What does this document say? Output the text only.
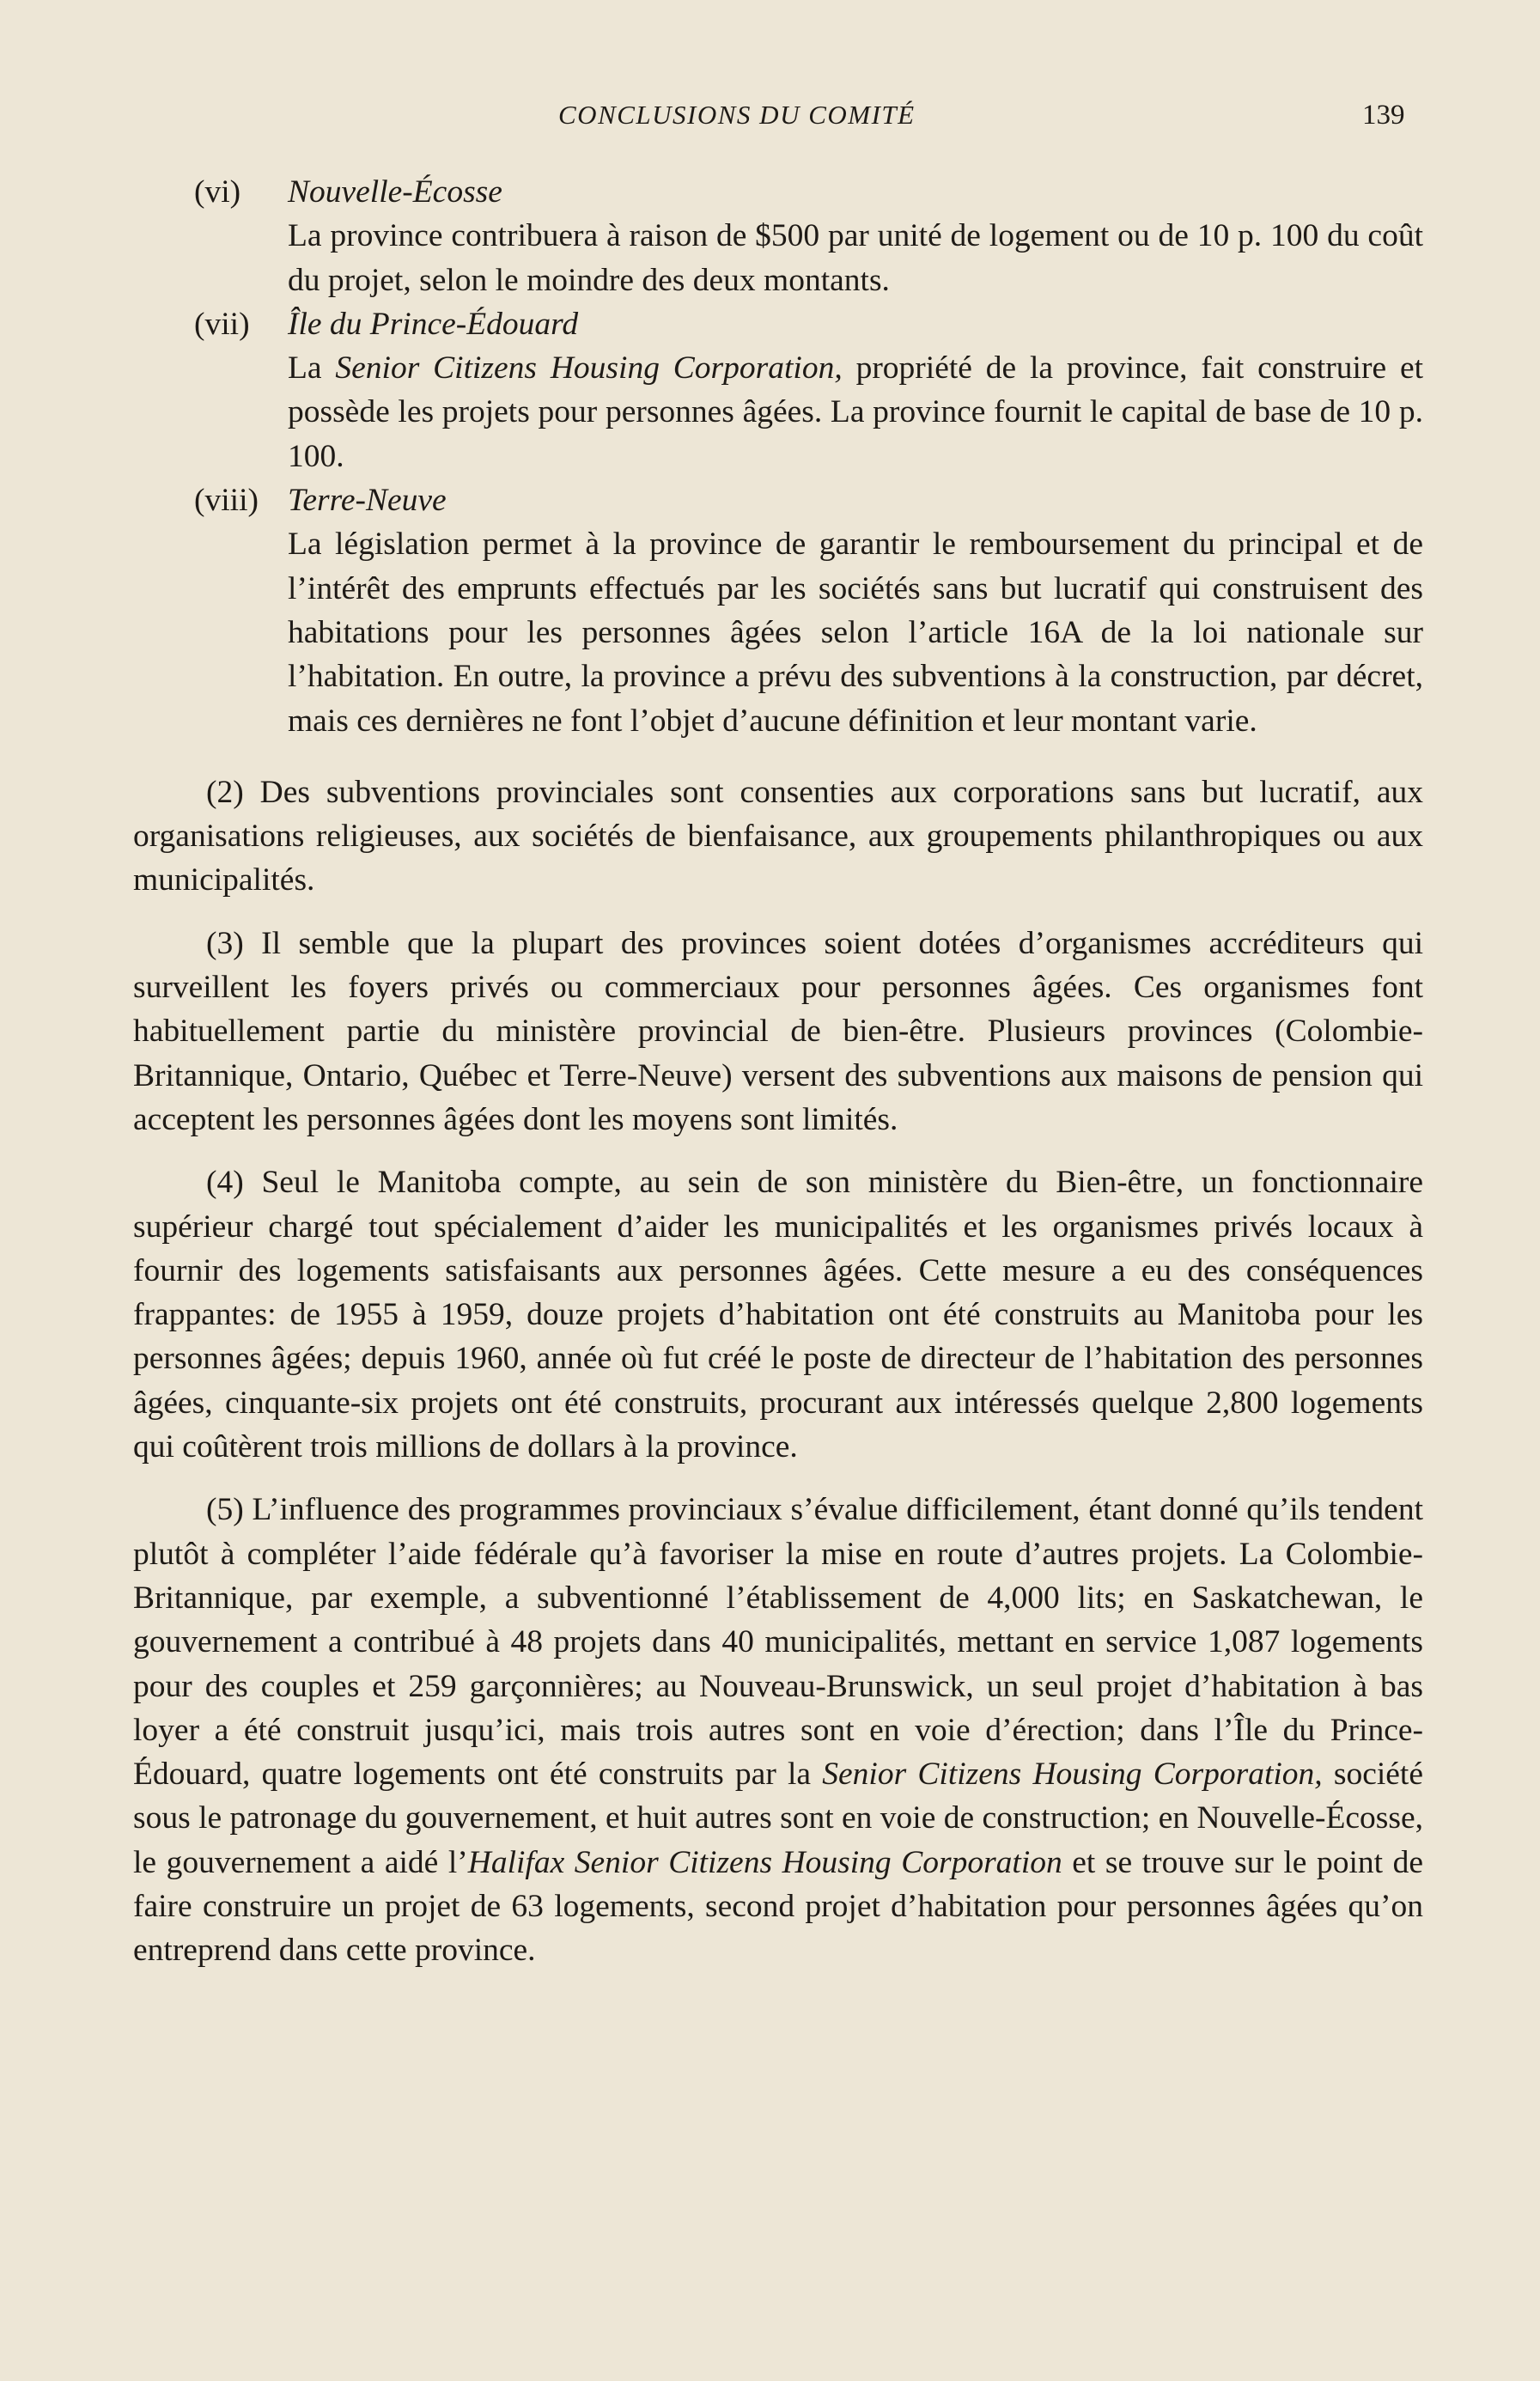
CONCLUSIONS DU COMITÉ	139
(vi) Nouvelle-Écosse
La province contribuera à raison de $500 par unité de logement ou de 10 p. 100 du coût du projet, selon le moindre des deux montants.
(vii) Île du Prince-Édouard
La Senior Citizens Housing Corporation, propriété de la province, fait construire et possède les projets pour personnes âgées. La province fournit le capital de base de 10 p. 100.
(viii) Terre-Neuve
La législation permet à la province de garantir le remboursement du principal et de l’intérêt des emprunts effectués par les sociétés sans but lucratif qui construisent des habitations pour les personnes âgées selon l’article 16A de la loi nationale sur l’habitation. En outre, la province a prévu des subventions à la construction, par décret, mais ces dernières ne font l’objet d’aucune définition et leur montant varie.
(2) Des subventions provinciales sont consenties aux corporations sans but lucratif, aux organisations religieuses, aux sociétés de bienfaisance, aux groupements philanthropiques ou aux municipalités.
(3) Il semble que la plupart des provinces soient dotées d’organismes accréditeurs qui surveillent les foyers privés ou commerciaux pour personnes âgées. Ces organismes font habituellement partie du ministère provincial de bien-être. Plusieurs provinces (Colombie-Britannique, Ontario, Québec et Terre-Neuve) versent des subventions aux maisons de pension qui acceptent les personnes âgées dont les moyens sont limités.
(4) Seul le Manitoba compte, au sein de son ministère du Bien-être, un fonctionnaire supérieur chargé tout spécialement d’aider les municipalités et les organismes privés locaux à fournir des logements satisfaisants aux personnes âgées. Cette mesure a eu des conséquences frappantes: de 1955 à 1959, douze projets d’habitation ont été construits au Manitoba pour les personnes âgées; depuis 1960, année où fut créé le poste de directeur de l’habitation des personnes âgées, cinquante-six projets ont été construits, procurant aux intéressés quelque 2,800 logements qui coûtèrent trois millions de dollars à la province.
(5) L’influence des programmes provinciaux s’évalue difficilement, étant donné qu’ils tendent plutôt à compléter l’aide fédérale qu’à favoriser la mise en route d’autres projets. La Colombie-Britannique, par exemple, a subventionné l’établissement de 4,000 lits; en Saskatchewan, le gouvernement a contribué à 48 projets dans 40 municipalités, mettant en service 1,087 logements pour des couples et 259 garçonnières; au Nouveau-Brunswick, un seul projet d’habitation à bas loyer a été construit jusqu’ici, mais trois autres sont en voie d’érection; dans l’Île du Prince-Édouard, quatre logements ont été construits par la Senior Citizens Housing Corporation, société sous le patronage du gouvernement, et huit autres sont en voie de construction; en Nouvelle-Écosse, le gouvernement a aidé l’Halifax Senior Citizens Housing Corporation et se trouve sur le point de faire construire un projet de 63 logements, second projet d’habitation pour personnes âgées qu’on entreprend dans cette province.
